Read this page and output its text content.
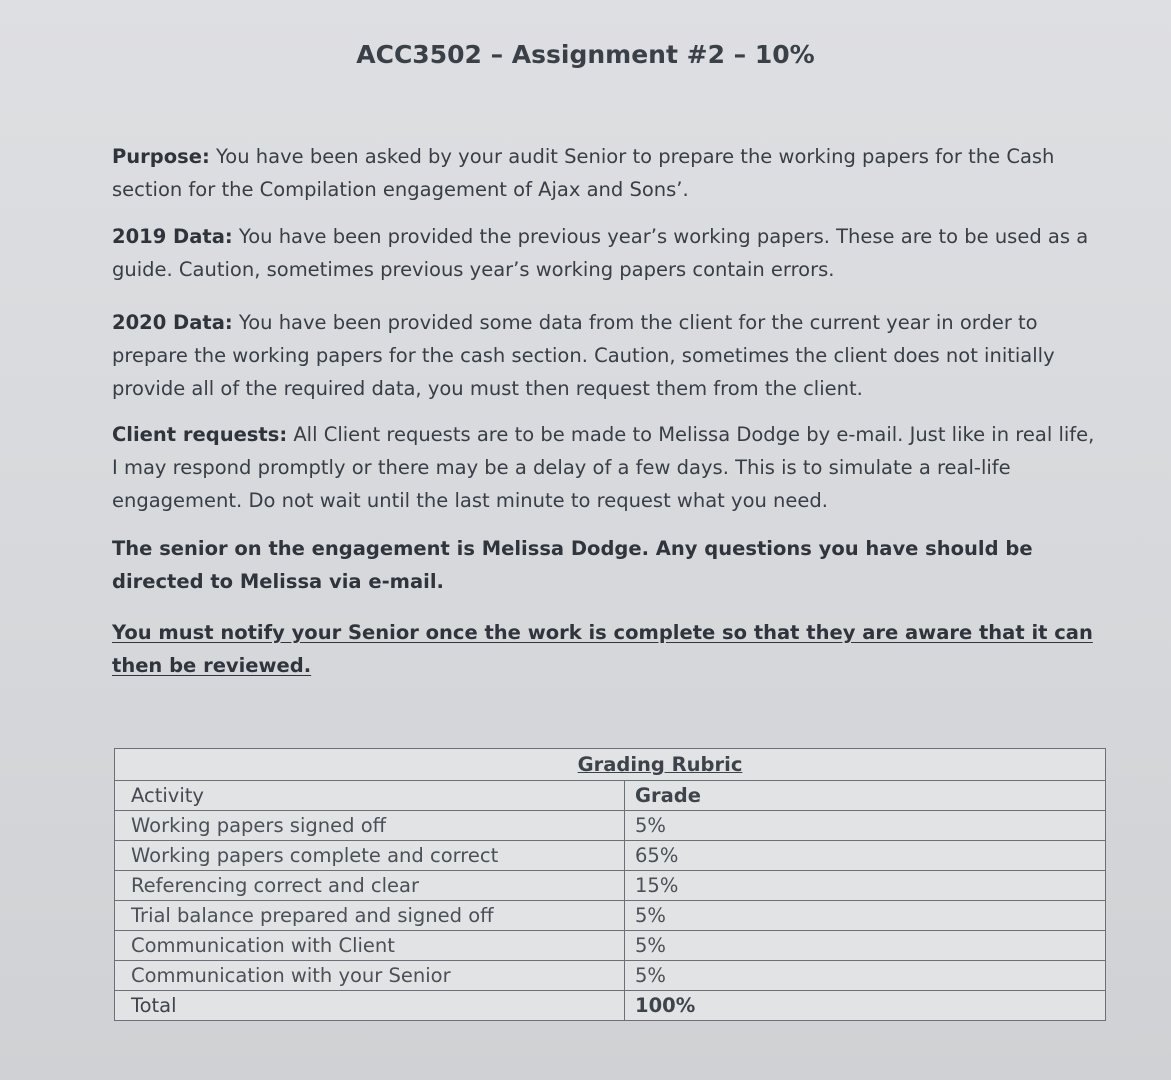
ACC3502 – Assignment #2 – 10%
Purpose: You have been asked by your audit Senior to prepare the working papers for the Cash section for the Compilation engagement of Ajax and Sons’.
2019 Data: You have been provided the previous year’s working papers. These are to be used as a guide. Caution, sometimes previous year’s working papers contain errors.
2020 Data: You have been provided some data from the client for the current year in order to prepare the working papers for the cash section. Caution, sometimes the client does not initially provide all of the required data, you must then request them from the client.
Client requests: All Client requests are to be made to Melissa Dodge by e-mail. Just like in real life, I may respond promptly or there may be a delay of a few days. This is to simulate a real-life engagement. Do not wait until the last minute to request what you need.
The senior on the engagement is Melissa Dodge. Any questions you have should be directed to Melissa via e-mail.
You must notify your Senior once the work is complete so that they are aware that it can then be reviewed.
Grading Rubric	
Activity	Grade
Working papers signed off	5%
Working papers complete and correct	65%
Referencing correct and clear	15%
Trial balance prepared and signed off	5%
Communication with Client	5%
Communication with your Senior	5%
Total	100%
